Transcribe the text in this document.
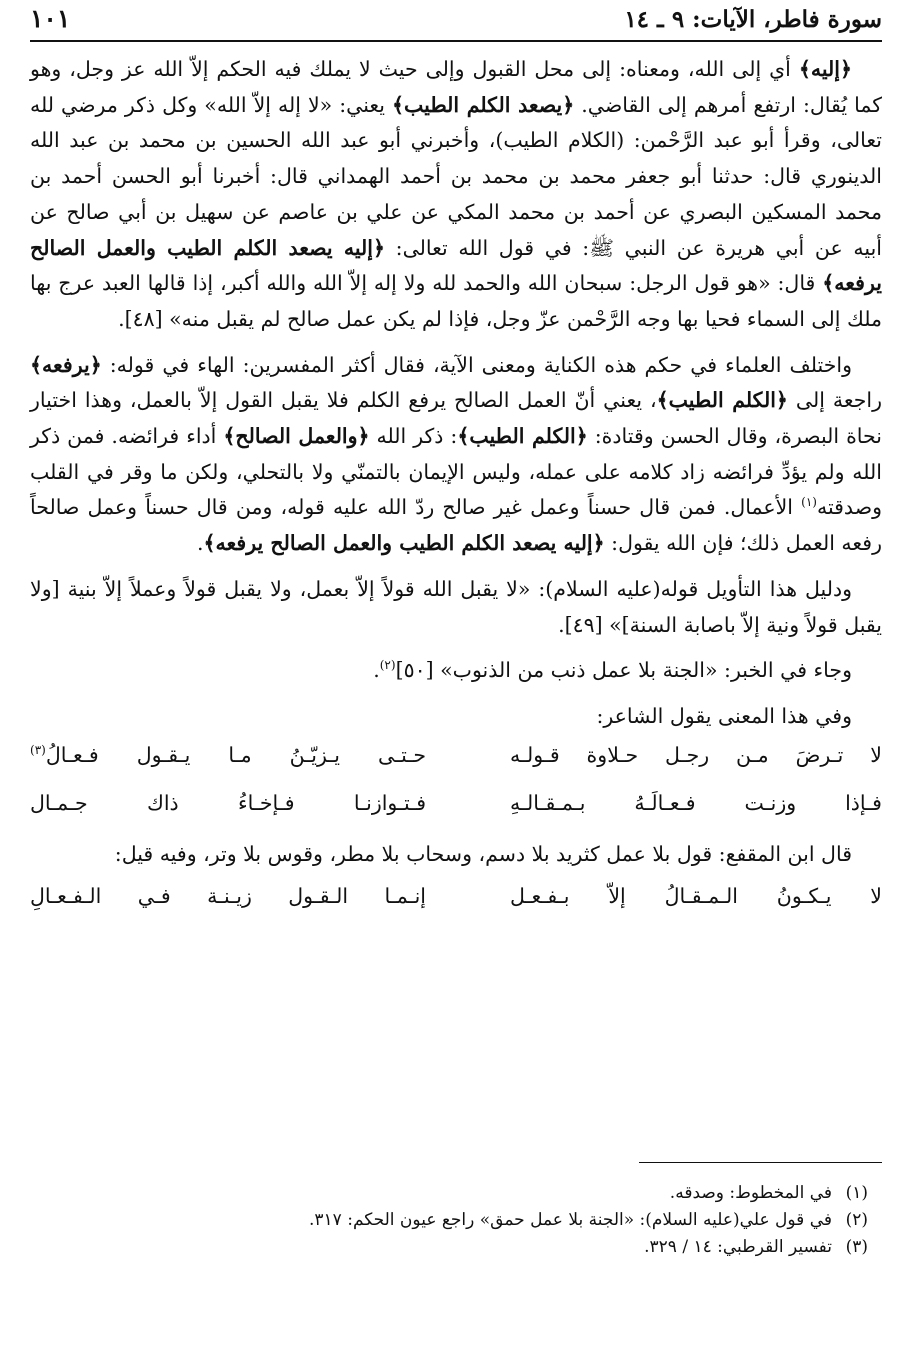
سورة فاطر، الآيات: ٩ ـ ١٤
١٠١

﴿إليه﴾ أي إلى الله، ومعناه: إلى محل القبول وإلى حيث لا يملك فيه الحكم إلاّ الله عز وجل، وهو كما يُقال: ارتفع أمرهم إلى القاضي. ﴿يصعد الكلم الطيب﴾ يعني: «لا إله إلاّ الله» وكل ذكر مرضي لله تعالى، وقرأ أبو عبد الرَّحْمن: (الكلام الطيب)، وأخبرني أبو عبد الله الحسين بن محمد بن عبد الله الدينوري قال: حدثنا أبو جعفر محمد بن محمد بن أحمد الهمداني قال: أخبرنا أبو الحسن أحمد بن محمد المسكين البصري عن أحمد بن محمد المكي عن علي بن عاصم عن سهيل بن أبي صالح عن أبيه عن أبي هريرة عن النبي ﷺ: في قول الله تعالى: ﴿إليه يصعد الكلم الطيب والعمل الصالح يرفعه﴾ قال: «هو قول الرجل: سبحان الله والحمد لله ولا إله إلاّ الله والله أكبر، إذا قالها العبد عرج بها ملك إلى السماء فحيا بها وجه الرَّحْمن عزّ وجل، فإذا لم يكن عمل صالح لم يقبل منه» [٤٨].

واختلف العلماء في حكم هذه الكناية ومعنى الآية، فقال أكثر المفسرين: الهاء في قوله: ﴿يرفعه﴾ راجعة إلى ﴿الكلم الطيب﴾، يعني أنّ العمل الصالح يرفع الكلم فلا يقبل القول إلاّ بالعمل، وهذا اختيار نحاة البصرة، وقال الحسن وقتادة: ﴿الكلم الطيب﴾: ذكر الله ﴿والعمل الصالح﴾ أداء فرائضه. فمن ذكر الله ولم يؤدِّ فرائضه زاد كلامه على عمله، وليس الإيمان بالتمنّي ولا بالتحلي، ولكن ما وقر في القلب وصدقته$^{(١)}$ الأعمال. فمن قال حسناً وعمل غير صالح ردّ الله عليه قوله، ومن قال حسناً وعمل صالحاً رفعه العمل ذلك؛ فإن الله يقول: ﴿إليه يصعد الكلم الطيب والعمل الصالح يرفعه﴾.

ودليل هذا التأويل قوله(عليه السلام): «لا يقبل الله قولاً إلاّ بعمل، ولا يقبل قولاً وعملاً إلاّ بنية [ولا يقبل قولاً ونية إلاّ باصابة السنة]» [٤٩].

وجاء في الخبر: «الجنة بلا عمل ذنب من الذنوب» [٥٠]$^{(٢)}$.

وفي هذا المعنى يقول الشاعر:

لا تـرضَ مـن رجـل حـلاوة قـولـه
حـتـى يـزيّـنُ مـا يـقـول فـعـالُ$^{(٣)}$
فـإذا وزنـت فـعـالَـهُ بـمـقـالـهِ
فـتـوازنـا فـإخـاءُ ذاك جـمـال

قال ابن المقفع: قول بلا عمل كثريد بلا دسم، وسحاب بلا مطر، وقوس بلا وتر، وفيه قيل:

لا يـكـونُ الـمـقـالُ إلاّ بـفـعـل
إنـمـا الـقـول زيـنـة فـي الـفـعـالِ
(١)في المخطوط: وصدقه.
(٢)في قول علي(عليه السلام): «الجنة بلا عمل حمق» راجع عيون الحكم: ٣١٧.
(٣)تفسير القرطبي: ١٤ / ٣٢٩.
